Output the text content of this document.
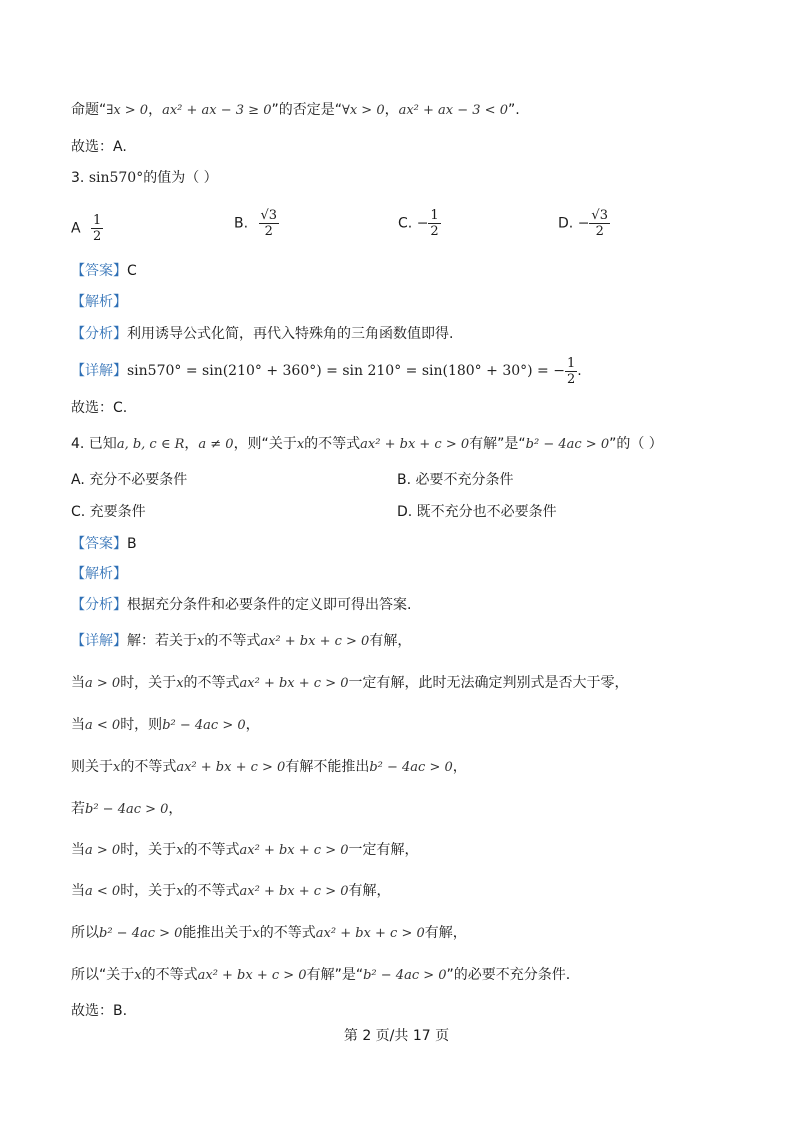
命题“∃x > 0，ax² + ax − 3 ≥ 0”的否定是“∀x > 0，ax² + ax − 3 < 0”.
故选：A.
3. sin570°的值为（ ）
A $\frac{1}{2}$	B. $\frac{√3}{2}$	C. − $\frac{1}{2}$	D. − $\frac{√3}{2}$
【答案】C
【解析】
【分析】利用诱导公式化简，再代入特殊角的三角函数值即得.
【详解】sin570° = sin(210° + 360°) = sin 210° = sin(180° + 30°) = − $\frac{1}{2}$ .
故选：C.
4. 已知a, b, c ∈ R，a ≠ 0，则“关于x的不等式ax² + bx + c > 0有解”是“b² − 4ac > 0”的（ ）
A. 充分不必要条件	B. 必要不充分条件
C. 充要条件	D. 既不充分也不必要条件
【答案】B
【解析】
【分析】根据充分条件和必要条件的定义即可得出答案.
【详解】解：若关于x的不等式ax² + bx + c > 0有解，
当a > 0时，关于x的不等式ax² + bx + c > 0一定有解，此时无法确定判别式是否大于零，
当a < 0时，则b² − 4ac > 0，
则关于x的不等式ax² + bx + c > 0有解不能推出b² − 4ac > 0，
若b² − 4ac > 0，
当a > 0时，关于x的不等式ax² + bx + c > 0一定有解，
当a < 0时，关于x的不等式ax² + bx + c > 0有解，
所以b² − 4ac > 0能推出关于x的不等式ax² + bx + c > 0有解，
所以“关于x的不等式ax² + bx + c > 0有解”是“b² − 4ac > 0”的必要不充分条件.
故选：B.
第 2 页/共 17 页
